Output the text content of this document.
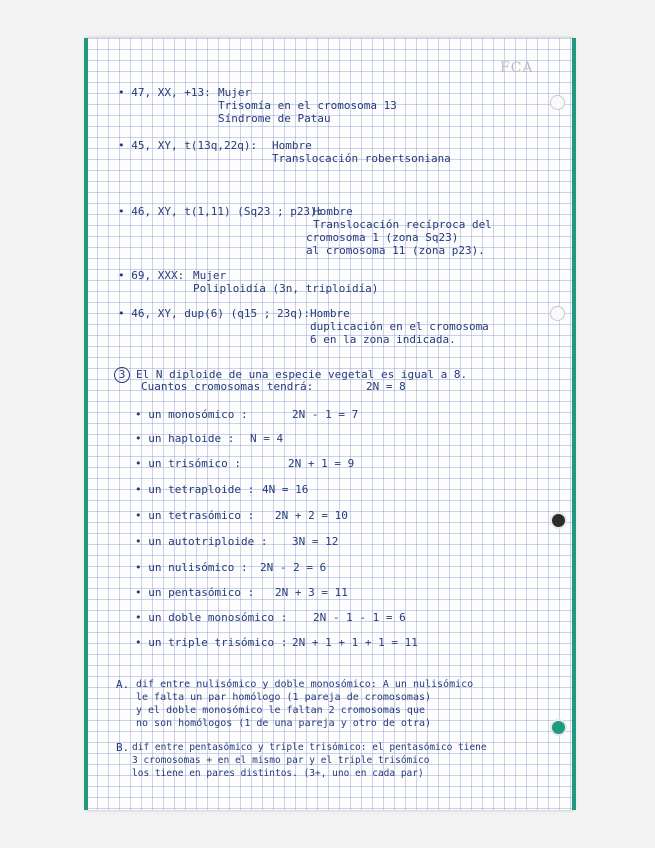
FCA
• 47, XX, +13: Mujer
Trisomía en el cromosoma 13
Síndrome de Patau
• 45, XY, t(13q,22q): Hombre
Translocación robertsoniana
• 46, XY, t(1,11) (Sq23 ; p23):
Hombre
Translocación recíproca del
cromosoma 1 (zona Sq23)
al cromosoma 11 (zona p23).
• 69, XXX: Mujer
Poliploidía (3n, triploidía)
• 46, XY, dup(6) (q15 ; 23q): Hombre
duplicación en el cromosoma
6 en la zona indicada.
3 El N diploide de una especie vegetal es igual a 8.
Cuantos cromosomas tendrá:	2N = 8
• un monosómico :	2N - 1 = 7
• un haploide : N = 4
• un trisómico :	2N + 1 = 9
• un tetraploide : 4N = 16
• un tetrasómico : 2N + 2 = 10
• un autotriploide : 3N = 12
• un nulisómico : 2N - 2 = 6
• un pentasómico : 2N + 3 = 11
• un doble monosómico : 2N - 1 - 1 = 6
• un triple trisómico : 2N + 1 + 1 + 1 = 11
A. dif entre nulisómico y doble monosómico: A un nulisómico
le falta un par homólogo (1 pareja de cromosomas)
y el doble monosómico le faltan 2 cromosomas que
no son homólogos (1 de una pareja y otro de otra)
B. dif entre pentasómico y triple trisómico: el pentasómico tiene
3 cromosomas + en el mismo par y el triple trisómico
los tiene en pares distintos. (3+, uno en cada par)
